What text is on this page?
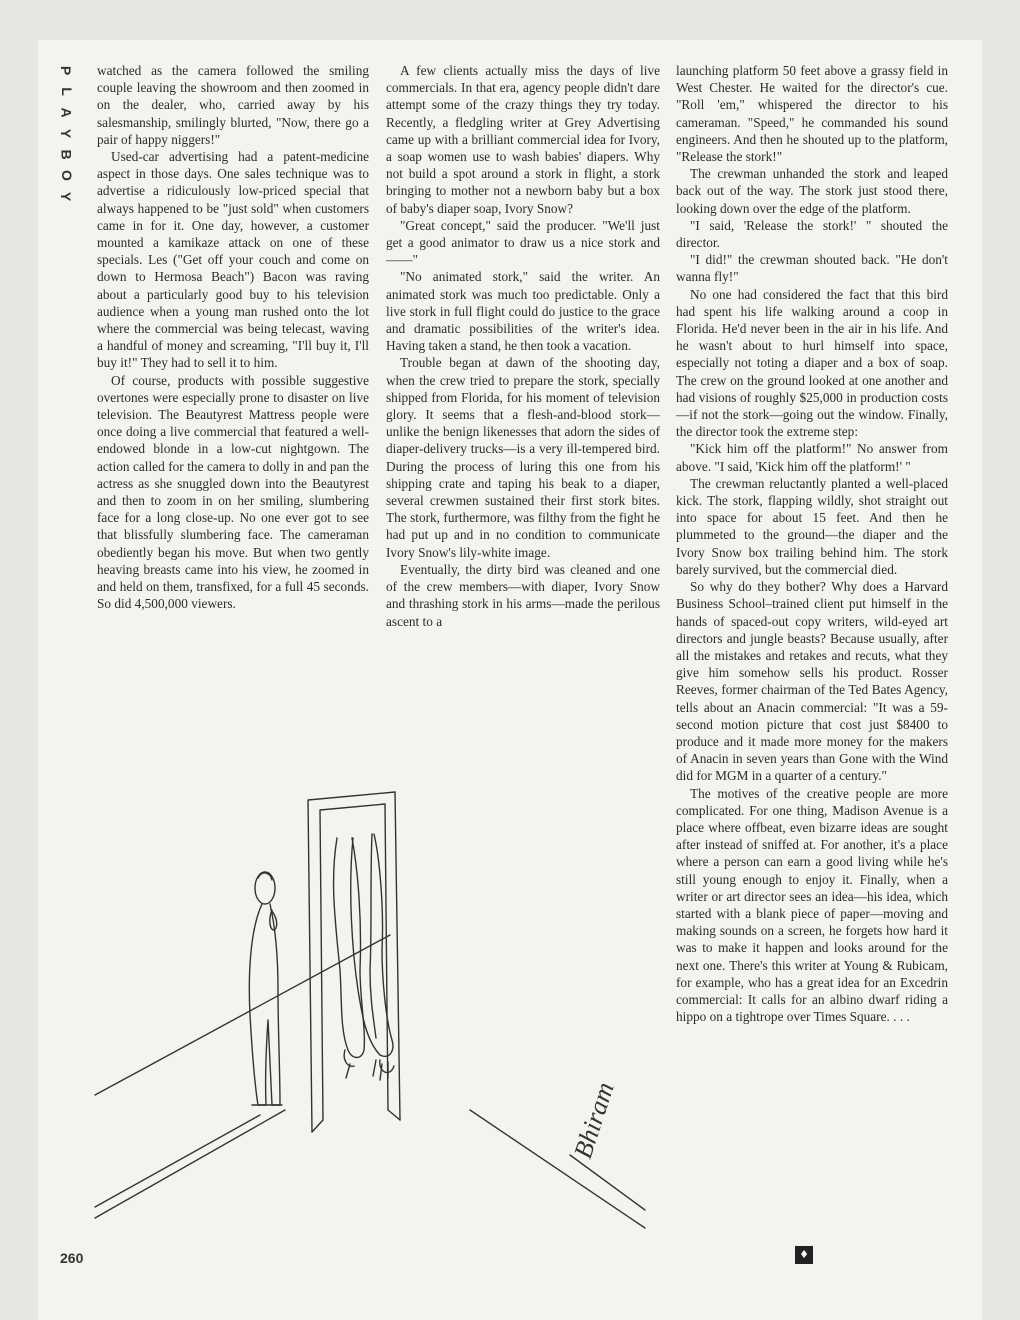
P
L
A
Y
B
O
Y

watched as the camera followed the smiling couple leaving the showroom and then zoomed in on the dealer, who, carried away by his salesmanship, smilingly blurted, "Now, there go a pair of happy niggers!"

Used-car advertising had a patent-medicine aspect in those days. One sales technique was to advertise a ridiculously low-priced special that always happened to be "just sold" when customers came in for it. One day, however, a customer mounted a kamikaze attack on one of these specials. Les ("Get off your couch and come on down to Hermosa Beach") Bacon was raving about a particularly good buy to his television audience when a young man rushed onto the lot where the commercial was being telecast, waving a handful of money and screaming, "I'll buy it, I'll buy it!" They had to sell it to him.

Of course, products with possible suggestive overtones were especially prone to disaster on live television. The Beautyrest Mattress people were once doing a live commercial that featured a well-endowed blonde in a low-cut nightgown. The action called for the camera to dolly in and pan the actress as she snuggled down into the Beautyrest and then to zoom in on her smiling, slumbering face for a long close-up. No one ever got to see that blissfully slumbering face. The cameraman obediently began his move. But when two gently heaving breasts came into his view, he zoomed in and held on them, transfixed, for a full 45 seconds. So did 4,500,000 viewers.

A few clients actually miss the days of live commercials. In that era, agency people didn't dare attempt some of the crazy things they try today. Recently, a fledgling writer at Grey Advertising came up with a brilliant commercial idea for Ivory, a soap women use to wash babies' diapers. Why not build a spot around a stork in flight, a stork bringing to mother not a newborn baby but a box of baby's diaper soap, Ivory Snow?

"Great concept," said the producer. "We'll just get a good animator to draw us a nice stork and——"

"No animated stork," said the writer. An animated stork was much too predictable. Only a live stork in full flight could do justice to the grace and dramatic possibilities of the writer's idea. Having taken a stand, he then took a vacation.

Trouble began at dawn of the shooting day, when the crew tried to prepare the stork, specially shipped from Florida, for his moment of television glory. It seems that a flesh-and-blood stork—unlike the benign likenesses that adorn the sides of diaper-delivery trucks—is a very ill-tempered bird. During the process of luring this one from his shipping crate and taping his beak to a diaper, several crewmen sustained their first stork bites. The stork, furthermore, was filthy from the fight he had put up and in no condition to communicate Ivory Snow's lily-white image.

Eventually, the dirty bird was cleaned and one of the crew members—with diaper, Ivory Snow and thrashing stork in his arms—made the perilous ascent to a

launching platform 50 feet above a grassy field in West Chester. He waited for the director's cue. "Roll 'em," whispered the director to his cameraman. "Speed," he commanded his sound engineers. And then he shouted up to the platform, "Release the stork!"

The crewman unhanded the stork and leaped back out of the way. The stork just stood there, looking down over the edge of the platform.

"I said, 'Release the stork!' " shouted the director.

"I did!" the crewman shouted back. "He don't wanna fly!"

No one had considered the fact that this bird had spent his life walking around a coop in Florida. He'd never been in the air in his life. And he wasn't about to hurl himself into space, especially not toting a diaper and a box of soap. The crew on the ground looked at one another and had visions of roughly $25,000 in production costs—if not the stork—going out the window. Finally, the director took the extreme step:

"Kick him off the platform!" No answer from above. "I said, 'Kick him off the platform!' "

The crewman reluctantly planted a well-placed kick. The stork, flapping wildly, shot straight out into space for about 15 feet. And then he plummeted to the ground—the diaper and the Ivory Snow box trailing behind him. The stork barely survived, but the commercial died.

So why do they bother? Why does a Harvard Business School–trained client put himself in the hands of spaced-out copy writers, wild-eyed art directors and jungle beasts? Because usually, after all the mistakes and retakes and recuts, what they give him somehow sells his product. Rosser Reeves, former chairman of the Ted Bates Agency, tells about an Anacin commercial: "It was a 59-second motion picture that cost just $8400 to produce and it made more money for the makers of Anacin in seven years than Gone with the Wind did for MGM in a quarter of a century."

The motives of the creative people are more complicated. For one thing, Madison Avenue is a place where offbeat, even bizarre ideas are sought after instead of sniffed at. For another, it's a place where a person can earn a good living while he's still young enough to enjoy it. Finally, when a writer or art director sees an idea—his idea, which started with a blank piece of paper—moving and making sounds on a screen, he forgets how hard it was to make it happen and looks around for the next one. There's this writer at Young & Rubicam, for example, who has a great idea for an Excedrin commercial: It calls for an albino dwarf riding a hippo on a tightrope over Times Square. . . .

Bhiram
260	♦
